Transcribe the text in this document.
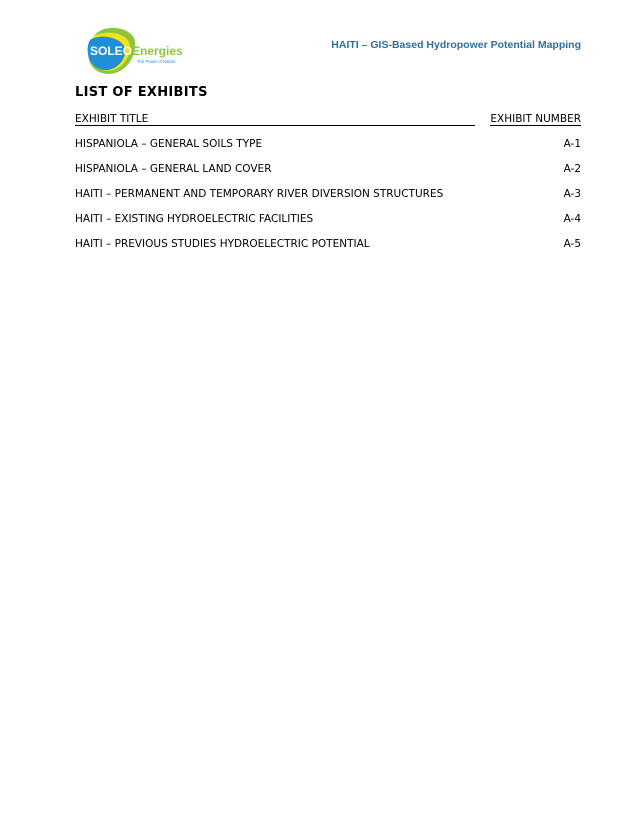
SOLEO Energies
The Power of Nature
HAITI – GIS-Based Hydropower Potential Mapping
LIST OF EXHIBITS
EXHIBIT TITLE	EXHIBIT NUMBER
HISPANIOLA – GENERAL SOILS TYPE	A-1
HISPANIOLA – GENERAL LAND COVER	A-2
HAITI – PERMANENT AND TEMPORARY RIVER DIVERSION STRUCTURES	A-3
HAITI – EXISTING HYDROELECTRIC FACILITIES	A-4
HAITI – PREVIOUS STUDIES HYDROELECTRIC POTENTIAL	A-5
